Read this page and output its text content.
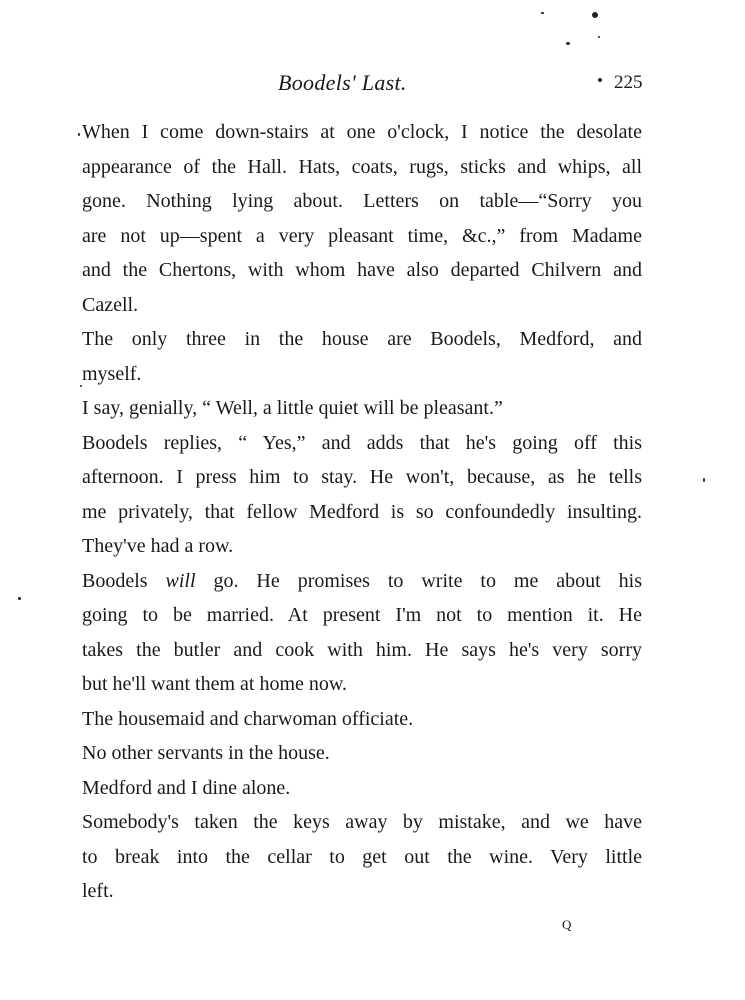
Boodels' Last.	225

When I come down-stairs at one o'clock, I notice the desolate
appearance of the Hall. Hats, coats, rugs, sticks and whips, all
gone. Nothing lying about. Letters on table—“Sorry you
are not up—spent a very pleasant time, &c.,” from Madame
and the Chertons, with whom have also departed Chilvern and
Cazell.

The only three in the house are Boodels, Medford, and
myself.

I say, genially, “ Well, a little quiet will be pleasant.”

Boodels replies, “ Yes,” and adds that he's going off this
afternoon. I press him to stay. He won't, because, as he tells
me privately, that fellow Medford is so confoundedly insulting.
They've had a row.

Boodels will go. He promises to write to me about his
going to be married. At present I'm not to mention it. He
takes the butler and cook with him. He says he's very sorry
but he'll want them at home now.

The housemaid and charwoman officiate.

No other servants in the house.

Medford and I dine alone.

Somebody's taken the keys away by mistake, and we have
to break into the cellar to get out the wine. Very little
left.

Q
